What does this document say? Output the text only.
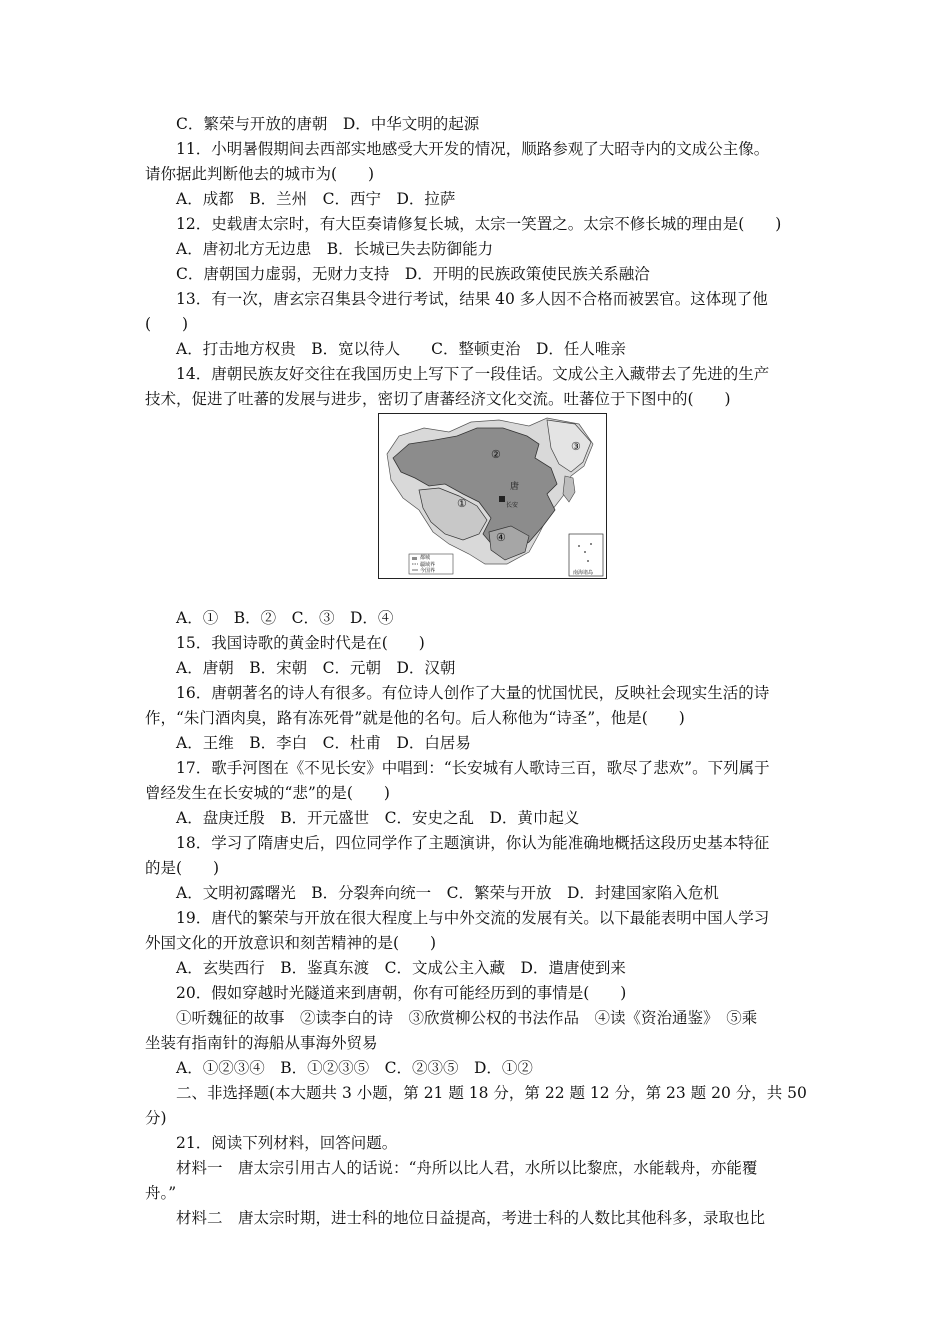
C．繁荣与开放的唐朝　D．中华文明的起源
11．小明暑假期间去西部实地感受大开发的情况，顺路参观了大昭寺内的文成公主像。
请你据此判断他去的城市为(　　)
A．成都　B．兰州　C．西宁　D．拉萨
12．史载唐太宗时，有大臣奏请修复长城，太宗一笑置之。太宗不修长城的理由是(　　)
A．唐初北方无边患　B．长城已失去防御能力
C．唐朝国力虚弱，无财力支持　D．开明的民族政策使民族关系融洽
13．有一次，唐玄宗召集县令进行考试，结果 40 多人因不合格而被罢官。这体现了他
(　　)
A．打击地方权贵　B．宽以待人　　C．整顿吏治　D．任人唯亲
14．唐朝民族友好交往在我国历史上写下了一段佳话。文成公主入藏带去了先进的生产
技术，促进了吐蕃的发展与进步，密切了唐蕃经济文化交流。吐蕃位于下图中的(　　)
①
②
③
④
唐
长安
都城
疆域界
今国界	南海诸岛
A．①　B．②　C．③　D．④
15．我国诗歌的黄金时代是在(　　)
A．唐朝　B．宋朝　C．元朝　D．汉朝
16．唐朝著名的诗人有很多。有位诗人创作了大量的忧国忧民，反映社会现实生活的诗
作，“朱门酒肉臭，路有冻死骨”就是他的名句。后人称他为“诗圣”，他是(　　)
A．王维　B．李白　C．杜甫　D．白居易
17．歌手河图在《不见长安》中唱到：“长安城有人歌诗三百，歌尽了悲欢”。下列属于
曾经发生在长安城的“悲”的是(　　)
A．盘庚迁殷　B．开元盛世　C．安史之乱　D．黄巾起义
18．学习了隋唐史后，四位同学作了主题演讲，你认为能准确地概括这段历史基本特征
的是(　　)
A．文明初露曙光　B．分裂奔向统一　C．繁荣与开放　D．封建国家陷入危机
19．唐代的繁荣与开放在很大程度上与中外交流的发展有关。以下最能表明中国人学习
外国文化的开放意识和刻苦精神的是(　　)
A．玄奘西行　B．鉴真东渡　C．文成公主入藏　D．遣唐使到来
20．假如穿越时光隧道来到唐朝，你有可能经历到的事情是(　　)
①听魏征的故事　②读李白的诗　③欣赏柳公权的书法作品　④读《资治通鉴》　⑤乘
坐装有指南针的海船从事海外贸易
A．①②③④　B．①②③⑤　C．②③⑤　D．①②
二、非选择题(本大题共 3 小题，第 21 题 18 分，第 22 题 12 分，第 23 题 20 分，共 50
分)
21．阅读下列材料，回答问题。
材料一　唐太宗引用古人的话说：“舟所以比人君，水所以比黎庶，水能载舟，亦能覆
舟。”
材料二　唐太宗时期，进士科的地位日益提高，考进士科的人数比其他科多，录取也比
